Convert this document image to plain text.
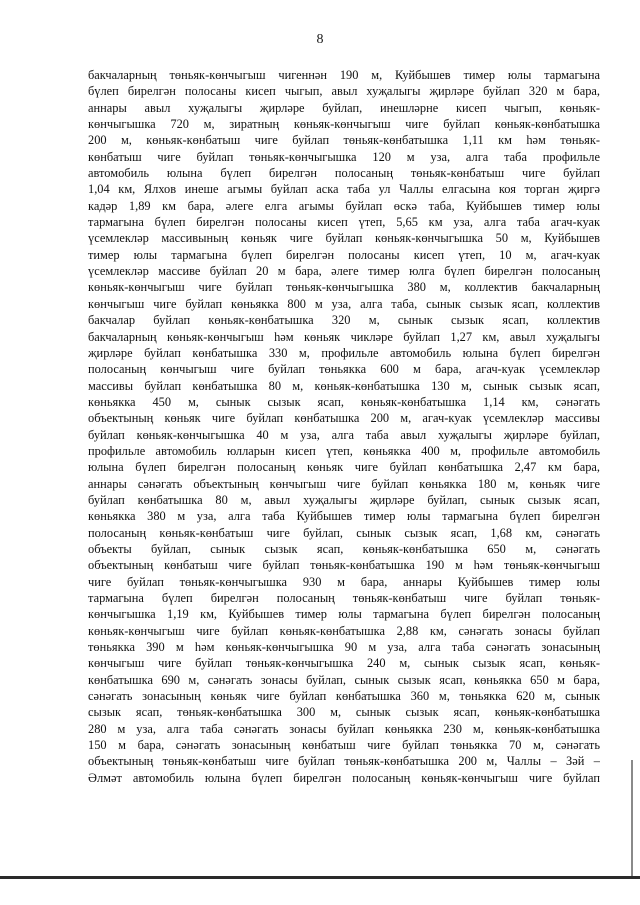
8
бакчаларның төньяк-көнчыгыш чигеннән 190 м, Куйбышев тимер юлы тармагына
бүлеп бирелгән полосаны кисеп чыгып, авыл хуҗалыгы җирләре буйлап 320 м бара,
аннары авыл хуҗалыгы җирләре буйлап, инешләрне кисеп чыгып, көньяк-
көнчыгышка 720 м, зиратның көньяк-көнчыгыш чиге буйлап көньяк-көнбатышка
200 м, көньяк-көнбатыш чиге буйлап төньяк-көнбатышка 1,11 км һәм төньяк-
көнбатыш чиге буйлап төньяк-көнчыгышка 120 м уза, алга таба профильле
автомобиль юлына бүлеп бирелгән полосаның төньяк-көнбатыш чиге буйлап
1,04 км, Ялхов инеше агымы буйлап аска таба ул Чаллы елгасына коя торган җиргә
кадәр 1,89 км бара, әлеге елга агымы буйлап өскә таба, Куйбышев тимер юлы
тармагына бүлеп бирелгән полосаны кисеп үтеп, 5,65 км уза, алга таба агач-куак
үсемлекләр массивының көньяк чиге буйлап көньяк-көнчыгышка 50 м, Куйбышев
тимер юлы тармагына бүлеп бирелгән полосаны кисеп үтеп, 10 м, агач-куак
үсемлекләр массиве буйлап 20 м бара, әлеге тимер юлга бүлеп бирелгән полосаның
көньяк-көнчыгыш чиге буйлап төньяк-көнчыгышка 380 м, коллектив бакчаларның
көнчыгыш чиге буйлап көньякка 800 м уза, алга таба, сынык сызык ясап, коллектив
бакчалар буйлап көньяк-көнбатышка 320 м, сынык сызык ясап, коллектив
бакчаларның көньяк-көнчыгыш һәм көньяк чикләре буйлап 1,27 км, авыл хуҗалыгы
җирләре буйлап көнбатышка 330 м, профильле автомобиль юлына бүлеп бирелгән
полосаның көнчыгыш чиге буйлап төньякка 600 м бара, агач-куак үсемлекләр
массивы буйлап көнбатышка 80 м, көньяк-көнбатышка 130 м, сынык сызык ясап,
көньякка 450 м, сынык сызык ясап, көньяк-көнбатышка 1,14 км, сәнәгать
объектының көньяк чиге буйлап көнбатышка 200 м, агач-куак үсемлекләр массивы
буйлап көньяк-көнчыгышка 40 м уза, алга таба авыл хуҗалыгы җирләре буйлап,
профильле автомобиль юлларын кисеп үтеп, көньякка 400 м, профильле автомобиль
юлына бүлеп бирелгән полосаның көньяк чиге буйлап көнбатышка 2,47 км бара,
аннары сәнәгать объектының көнчыгыш чиге буйлап көньякка 180 м, көньяк чиге
буйлап көнбатышка 80 м, авыл хуҗалыгы җирләре буйлап, сынык сызык ясап,
көньякка 380 м уза, алга таба Куйбышев тимер юлы тармагына бүлеп бирелгән
полосаның көньяк-көнбатыш чиге буйлап, сынык сызык ясап, 1,68 км, сәнәгать
объекты буйлап, сынык сызык ясап, көньяк-көнбатышка 650 м, сәнәгать
объектының көнбатыш чиге буйлап төньяк-көнбатышка 190 м һәм төньяк-көнчыгыш
чиге буйлап төньяк-көнчыгышка 930 м бара, аннары Куйбышев тимер юлы
тармагына бүлеп бирелгән полосаның төньяк-көнбатыш чиге буйлап төньяк-
көнчыгышка 1,19 км, Куйбышев тимер юлы тармагына бүлеп бирелгән полосаның
көньяк-көнчыгыш чиге буйлап көньяк-көнбатышка 2,88 км, сәнәгать зонасы буйлап
төньякка 390 м һәм көньяк-көнчыгышка 90 м уза, алга таба сәнәгать зонасының
көнчыгыш чиге буйлап төньяк-көнчыгышка 240 м, сынык сызык ясап, көньяк-
көнбатышка 690 м, сәнәгать зонасы буйлап, сынык сызык ясап, көньякка 650 м бара,
сәнәгать зонасының көньяк чиге буйлап көнбатышка 360 м, төньякка 620 м, сынык
сызык ясап, төньяк-көнбатышка 300 м, сынык сызык ясап, көньяк-көнбатышка
280 м уза, алга таба сәнәгать зонасы буйлап көньякка 230 м, көньяк-көнбатышка
150 м бара, сәнәгать зонасының көнбатыш чиге буйлап төньякка 70 м, сәнәгать
объектының төньяк-көнбатыш чиге буйлап төньяк-көнбатышка 200 м, Чаллы – Зәй –
Әлмәт автомобиль юлына бүлеп бирелгән полосаның көньяк-көнчыгыш чиге буйлап
